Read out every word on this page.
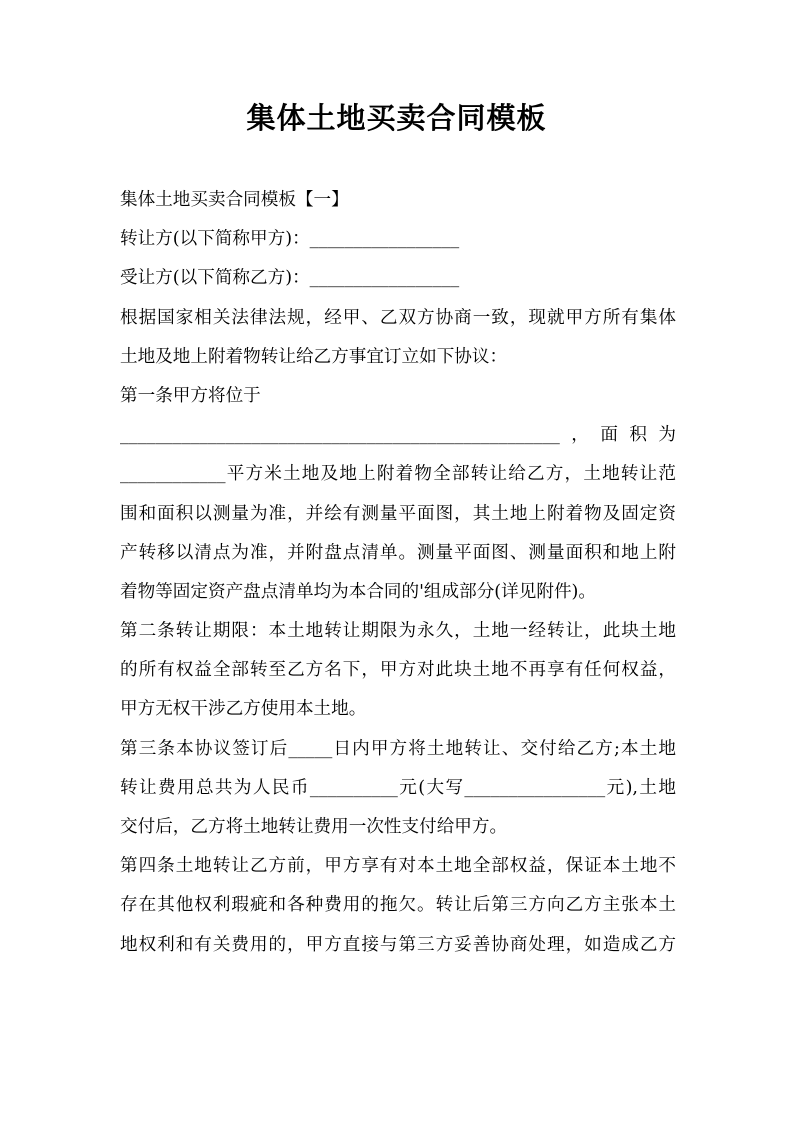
集体土地买卖合同模板
集体土地买卖合同模板【一】
转让方(以下简称甲方)：_________________
受让方(以下简称乙方)：_________________
根据国家相关法律法规，经甲、乙双方协商一致，现就甲方所有集体
土地及地上附着物转让给乙方事宜订立如下协议：
第一条甲方将位于
__________________________________________________，面积为
____________平方米土地及地上附着物全部转让给乙方，土地转让范
围和面积以测量为准，并绘有测量平面图，其土地上附着物及固定资
产转移以清点为准，并附盘点清单。测量平面图、测量面积和地上附
着物等固定资产盘点清单均为本合同的'组成部分(详见附件)。
第二条转让期限：本土地转让期限为永久，土地一经转让，此块土地
的所有权益全部转至乙方名下，甲方对此块土地不再享有任何权益，
甲方无权干涉乙方使用本土地。
第三条本协议签订后_____日内甲方将土地转让、交付给乙方;本土地
转让费用总共为人民币__________元(大写________________元),土地
交付后，乙方将土地转让费用一次性支付给甲方。
第四条土地转让乙方前，甲方享有对本土地全部权益，保证本土地不
存在其他权利瑕疵和各种费用的拖欠。转让后第三方向乙方主张本土
地权利和有关费用的，甲方直接与第三方妥善协商处理，如造成乙方
